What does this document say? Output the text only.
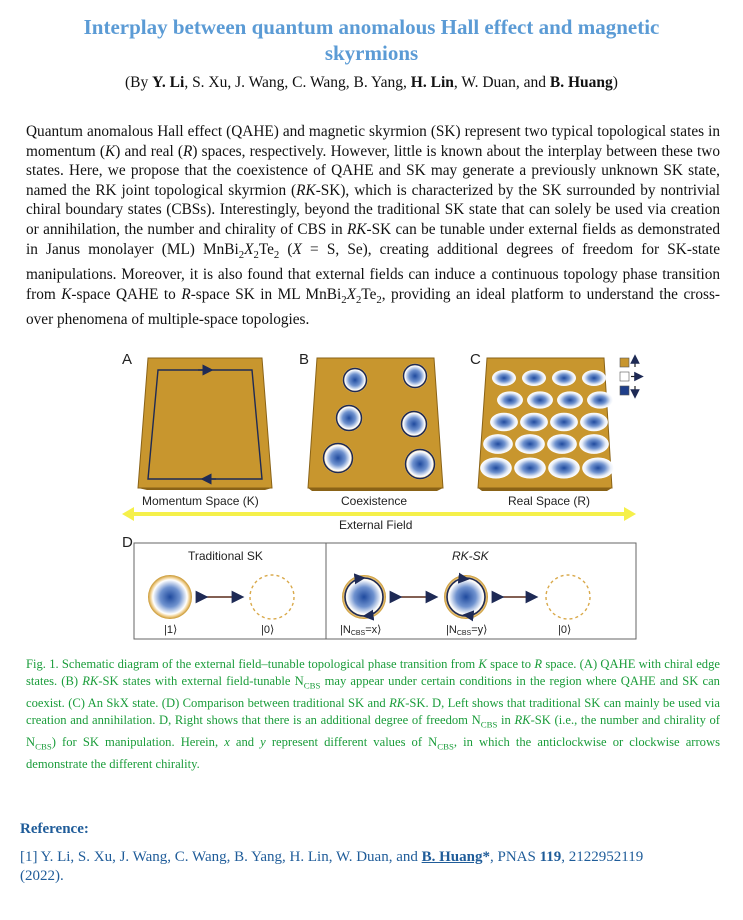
Interplay between quantum anomalous Hall effect and magnetic skyrmions
(By Y. Li, S. Xu, J. Wang, C. Wang, B. Yang, H. Lin, W. Duan, and B. Huang)

Quantum anomalous Hall effect (QAHE) and magnetic skyrmion (SK) represent two typical topological states in momentum (K) and real (R) spaces, respectively. However, little is known about the interplay between these two states. Here, we propose that the coexistence of QAHE and SK may generate a previously unknown SK state, named the RK joint topological skyrmion (RK-SK), which is characterized by the SK surrounded by nontrivial chiral boundary states (CBSs). Interestingly, beyond the traditional SK state that can solely be used via creation or annihilation, the number and chirality of CBS in RK-SK can be tunable under external fields as demonstrated in Janus monolayer (ML) $MnBi_2X_2Te_2$ (X = S, Se), creating additional degrees of freedom for SK-state manipulations. Moreover, it is also found that external fields can induce a continuous topology phase transition from K-space QAHE to R-space SK in ML $MnBi_2X_2Te_2$, providing an ideal platform to understand the cross-over phenomena of multiple-space topologies.

A	B	C
Momentum Space (K)	Coexistence	Real Space (R)
External Field
D
Traditional SK	RK-SK
|1⟩	|0⟩	|NCBS=x⟩	|NCBS=y⟩	|0⟩

Fig. 1. Schematic diagram of the external field–tunable topological phase transition from K space to R space. (A) QAHE with chiral edge states. (B) RK-SK states with external field-tunable $N_{CBS}$ may appear under certain conditions in the region where QAHE and SK can coexist. (C) An SkX state. (D) Comparison between traditional SK and RK-SK. D, Left shows that traditional SK can mainly be used via creation and annihilation. D, Right shows that there is an additional degree of freedom $N_{CBS}$ in RK-SK (i.e., the number and chirality of $N_{CBS}$) for SK manipulation. Herein, x and y represent different values of $N_{CBS}$, in which the anticlockwise or clockwise arrows demonstrate the different chirality.

Reference:
[1] Y. Li, S. Xu, J. Wang, C. Wang, B. Yang, H. Lin, W. Duan, and B. Huang*, PNAS 119, 2122952119
(2022).
